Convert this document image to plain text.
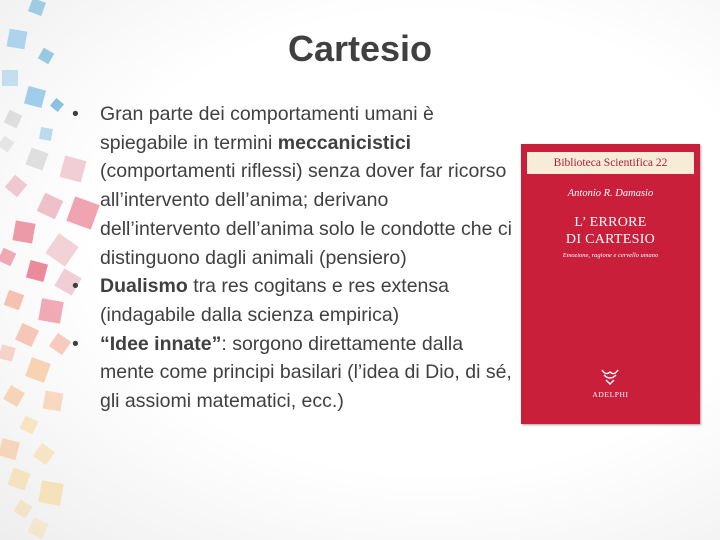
Cartesio
• Gran parte dei comportamenti umani è spiegabile in termini meccanicistici (comportamenti riflessi) senza dover far ricorso all’intervento dell’anima; derivano dell’intervento dell’anima solo le condotte che ci distinguono dagli animali (pensiero)
• Dualismo tra res cogitans e res extensa (indagabile dalla scienza empirica)
• “Idee innate”: sorgono direttamente dalla mente come principi basilari (l’idea di Dio, di sé, gli assiomi matematici, ecc.)
Biblioteca Scientifica 22
Antonio R. Damasio
L’ ERRORE
DI CARTESIO
Emozione, ragione e cervello umano
ADELPHI
